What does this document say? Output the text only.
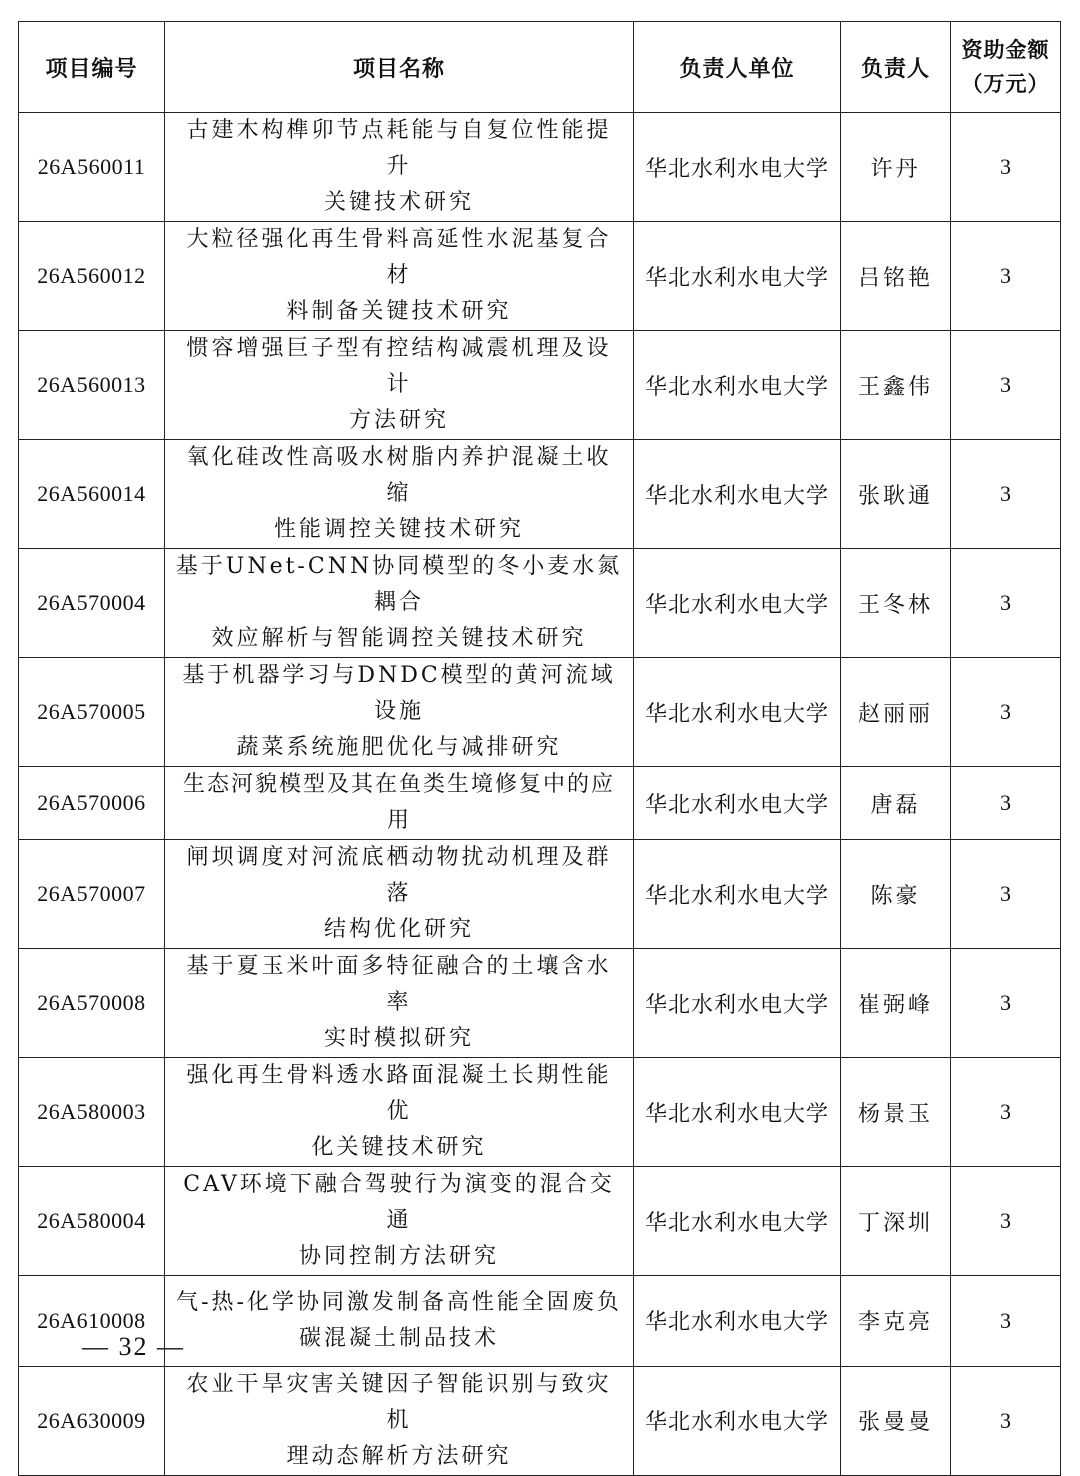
项目编号	项目名称	负责人单位	负责人	资助金额
（万元）
26A560011	古建木构榫卯节点耗能与自复位性能提升
关键技术研究	华北水利水电大学	许丹	3
26A560012	大粒径强化再生骨料高延性水泥基复合材
料制备关键技术研究	华北水利水电大学	吕铭艳	3
26A560013	惯容增强巨子型有控结构减震机理及设计
方法研究	华北水利水电大学	王鑫伟	3
26A560014	氧化硅改性高吸水树脂内养护混凝土收缩
性能调控关键技术研究	华北水利水电大学	张耿通	3
26A570004	基于UNet-CNN协同模型的冬小麦水氮耦合
效应解析与智能调控关键技术研究	华北水利水电大学	王冬林	3
26A570005	基于机器学习与DNDC模型的黄河流域设施
蔬菜系统施肥优化与减排研究	华北水利水电大学	赵丽丽	3
26A570006	生态河貌模型及其在鱼类生境修复中的应用	华北水利水电大学	唐磊	3
26A570007	闸坝调度对河流底栖动物扰动机理及群落
结构优化研究	华北水利水电大学	陈豪	3
26A570008	基于夏玉米叶面多特征融合的土壤含水率
实时模拟研究	华北水利水电大学	崔弼峰	3
26A580003	强化再生骨料透水路面混凝土长期性能优
化关键技术研究	华北水利水电大学	杨景玉	3
26A580004	CAV环境下融合驾驶行为演变的混合交通
协同控制方法研究	华北水利水电大学	丁深圳	3
26A610008	气-热-化学协同激发制备高性能全固废负
碳混凝土制品技术	华北水利水电大学	李克亮	3
26A630009	农业干旱灾害关键因子智能识别与致灾机
理动态解析方法研究	华北水利水电大学	张曼曼	3
— 32 —
